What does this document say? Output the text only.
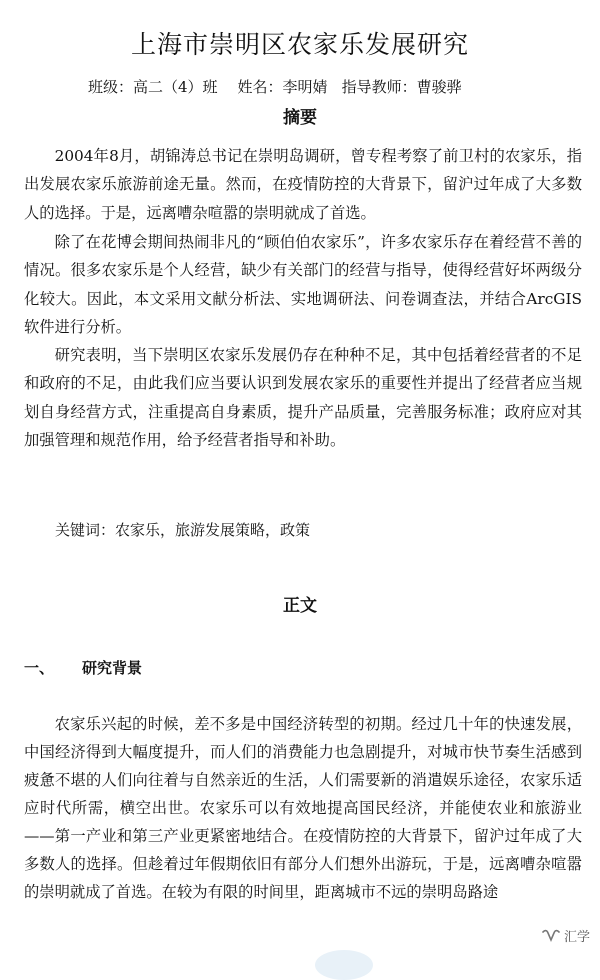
上海市崇明区农家乐发展研究
班级：高二（4）班 姓名：李明婧 指导教师：曹骏骅
摘要

2004年8月，胡锦涛总书记在崇明岛调研，曾专程考察了前卫村的农家乐，指出发展农家乐旅游前途无量。然而，在疫情防控的大背景下，留沪过年成了大多数人的选择。于是，远离嘈杂喧嚣的崇明就成了首选。

除了在花博会期间热闹非凡的“顾伯伯农家乐”，许多农家乐存在着经营不善的情况。很多农家乐是个人经营，缺少有关部门的经营与指导，使得经营好坏两级分化较大。因此，本文采用文献分析法、实地调研法、问卷调查法，并结合ArcGIS软件进行分析。

研究表明，当下崇明区农家乐发展仍存在种种不足，其中包括着经营者的不足和政府的不足，由此我们应当要认识到发展农家乐的重要性并提出了经营者应当规划自身经营方式，注重提高自身素质，提升产品质量，完善服务标准；政府应对其加强管理和规范作用，给予经营者指导和补助。

关键词：农家乐，旅游发展策略，政策
正文
一、 研究背景

农家乐兴起的时候，差不多是中国经济转型的初期。经过几十年的快速发展，中国经济得到大幅度提升，而人们的消费能力也急剧提升，对城市快节奏生活感到疲惫不堪的人们向往着与自然亲近的生活，人们需要新的消遣娱乐途径，农家乐适应时代所需，横空出世。农家乐可以有效地提高国民经济，并能使农业和旅游业——第一产业和第三产业更紧密地结合。在疫情防控的大背景下，留沪过年成了大多数人的选择。但趁着过年假期依旧有部分人们想外出游玩，于是，远离嘈杂喧嚣的崇明就成了首选。在较为有限的时间里，距离城市不远的崇明岛路途

汇学
